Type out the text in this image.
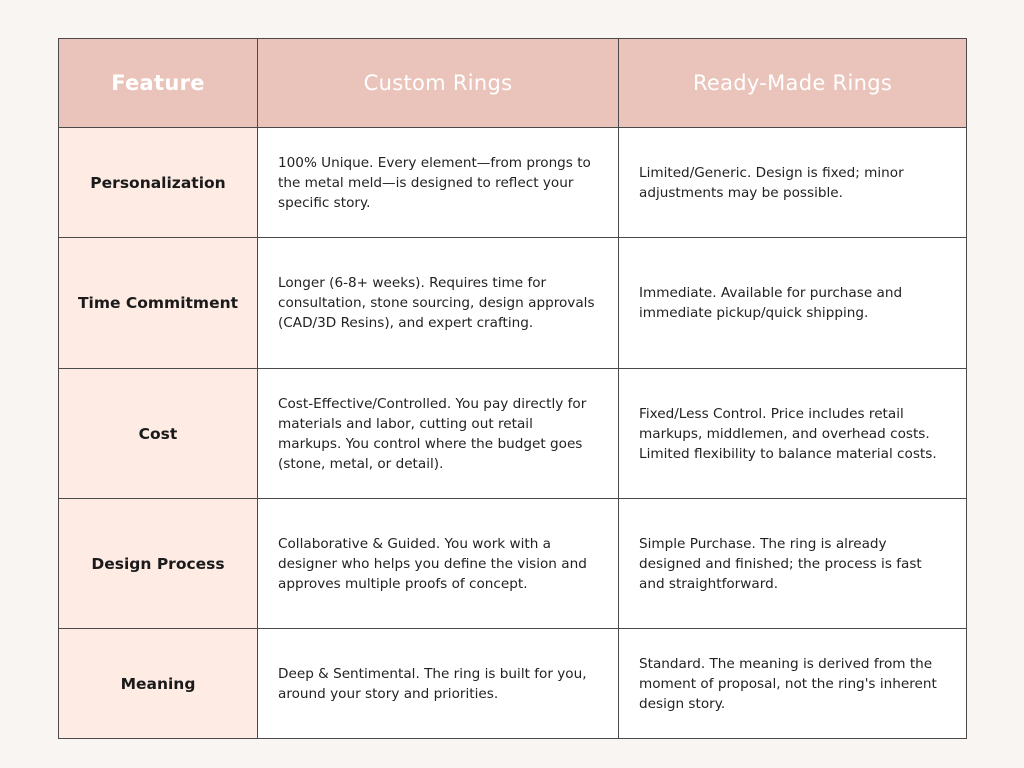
Feature	Custom Rings	Ready-Made Rings
Personalization	100% Unique. Every element—from prongs to the metal meld—is designed to reflect your specific story.	Limited/Generic. Design is fixed; minor adjustments may be possible.
Time Commitment	Longer (6-8+ weeks). Requires time for consultation, stone sourcing, design approvals (CAD/3D Resins), and expert crafting.	Immediate. Available for purchase and immediate pickup/quick shipping.
Cost	Cost-Effective/Controlled. You pay directly for materials and labor, cutting out retail markups. You control where the budget goes (stone, metal, or detail).	Fixed/Less Control. Price includes retail markups, middlemen, and overhead costs. Limited flexibility to balance material costs.
Design Process	Collaborative & Guided. You work with a designer who helps you define the vision and approves multiple proofs of concept.	Simple Purchase. The ring is already designed and finished; the process is fast and straightforward.
Meaning	Deep & Sentimental. The ring is built for you, around your story and priorities.	Standard. The meaning is derived from the moment of proposal, not the ring's inherent design story.
